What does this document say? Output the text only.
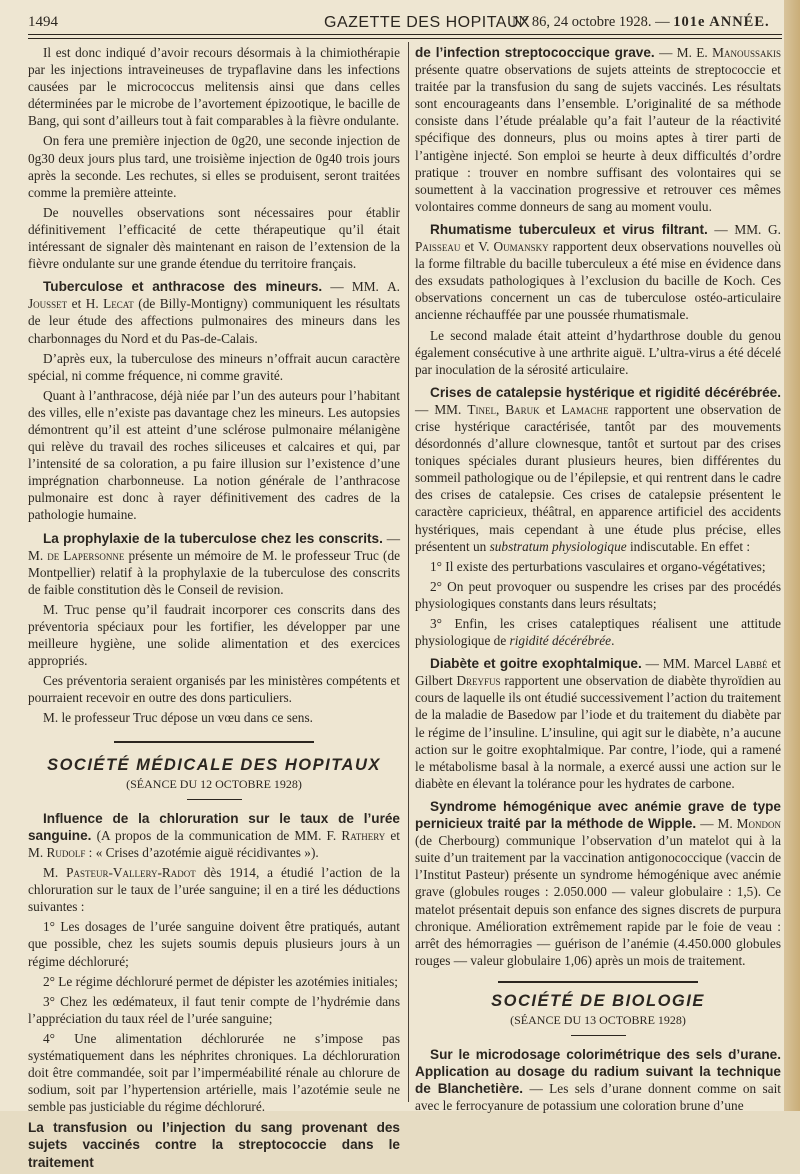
1494	GAZETTE DES HOPITAUX
N° 86, 24 octobre 1928. — 101e ANNÉE.

Il est donc indiqué d’avoir recours désormais à la chimiothérapie par les injections intraveineuses de trypaflavine dans les infections causées par le micrococcus melitensis ainsi que dans celles déterminées par le microbe de l’avortement épizootique, le bacille de Bang, qui sont d’ailleurs tout à fait comparables à la fièvre ondulante.

On fera une première injection de 0g20, une seconde injection de 0g30 deux jours plus tard, une troisième injection de 0g40 trois jours après la seconde. Les rechutes, si elles se produisent, seront traitées comme la première atteinte.

De nouvelles observations sont nécessaires pour établir définitivement l’efficacité de cette thérapeutique qu’il était intéressant de signaler dès maintenant en raison de l’extension de la fièvre ondulante sur une grande étendue du territoire français.

Tuberculose et anthracose des mineurs. — MM. A. Jousset et H. Lecat (de Billy-Montigny) communiquent les résultats de leur étude des affections pulmonaires des mineurs dans les charbonnages du Nord et du Pas-de-Calais.

D’après eux, la tuberculose des mineurs n’offrait aucun caractère spécial, ni comme fréquence, ni comme gravité.

Quant à l’anthracose, déjà niée par l’un des auteurs pour l’habitant des villes, elle n’existe pas davantage chez les mineurs. Les autopsies démontrent qu’il est atteint d’une sclérose pulmonaire mélanigène qui relève du travail des roches siliceuses et calcaires et qui, par l’intensité de sa coloration, a pu faire illusion sur l’existence d’une imprégnation charbonneuse. La notion générale de l’anthracose pulmonaire est donc à rayer définitivement des cadres de la pathologie humaine.

La prophylaxie de la tuberculose chez les conscrits. — M. de Lapersonne présente un mémoire de M. le professeur Truc (de Montpellier) relatif à la prophylaxie de la tuberculose des conscrits de faible constitution dès le Conseil de revision.

M. Truc pense qu’il faudrait incorporer ces conscrits dans des préventoria spéciaux pour les fortifier, les développer par une meilleure hygiène, une solide alimentation et des exercices appropriés.

Ces préventoria seraient organisés par les ministères compétents et pourraient recevoir en outre des dons particuliers.

M. le professeur Truc dépose un vœu dans ce sens.

SOCIÉTÉ MÉDICALE DES HOPITAUX

(SÉANCE DU 12 OCTOBRE 1928)

Influence de la chloruration sur le taux de l’urée sanguine. (A propos de la communication de MM. F. Rathery et M. Rudolf : « Crises d’azotémie aiguë récidivantes »).

M. Pasteur-Vallery-Radot dès 1914, a étudié l’action de la chloruration sur le taux de l’urée sanguine; il en a tiré les déductions suivantes :

1° Les dosages de l’urée sanguine doivent être pratiqués, autant que possible, chez les sujets soumis depuis plusieurs jours à un régime déchloruré;

2° Le régime déchloruré permet de dépister les azotémies initiales;

3° Chez les œdémateux, il faut tenir compte de l’hydrémie dans l’appréciation du taux réel de l’urée sanguine;

4° Une alimentation déchlorurée ne s’impose pas systématiquement dans les néphrites chroniques. La déchloruration doit être commandée, soit par l’imperméabilité rénale au chlorure de sodium, soit par l’hypertension artérielle, mais l’azotémie seule ne semble pas justiciable du régime déchloruré.

La transfusion ou l’injection du sang provenant des sujets vaccinés contre la streptococcie dans le traitement

de l’infection streptococcique grave. — M. E. Manoussakis présente quatre observations de sujets atteints de streptococcie et traitée par la transfusion du sang de sujets vaccinés. Les résultats sont encourageants dans l’ensemble. L’originalité de sa méthode consiste dans l’étude préalable qu’a fait l’auteur de la réactivité spécifique des donneurs, plus ou moins aptes à tirer parti de l’antigène injecté. Son emploi se heurte à deux difficultés d’ordre pratique : trouver en nombre suffisant des volontaires qui se soumettent à la vaccination progressive et retrouver ces mêmes volontaires comme donneurs de sang au moment voulu.

Rhumatisme tuberculeux et virus filtrant. — MM. G. Paisseau et V. Oumansky rapportent deux observations nouvelles où la forme filtrable du bacille tuberculeux a été mise en évidence dans des exsudats pathologiques à l’exclusion du bacille de Koch. Ces observations concernent un cas de tuberculose ostéo-articulaire ancienne réchauffée par une poussée rhumatismale.

Le second malade était atteint d’hydarthrose double du genou également consécutive à une arthrite aiguë. L’ultra-virus a été décelé par inoculation de la sérosité articulaire.

Crises de catalepsie hystérique et rigidité décérébrée. — MM. Tinel, Baruk et Lamache rapportent une observation de crise hystérique caractérisée, tantôt par des mouvements désordonnés d’allure clownesque, tantôt et surtout par des crises toniques spéciales durant plusieurs heures, bien différentes du sommeil pathologique ou de l’épilepsie, et qui rentrent dans le cadre des crises de catalepsie. Ces crises de catalepsie présentent le caractère capricieux, théâtral, en apparence artificiel des accidents hystériques, mais cependant à une étude plus précise, elles présentent un substratum physiologique indiscutable. En effet :

1° Il existe des perturbations vasculaires et organo-végétatives;

2° On peut provoquer ou suspendre les crises par des procédés physiologiques constants dans leurs résultats;

3° Enfin, les crises cataleptiques réalisent une attitude physiologique de rigidité décérébrée.

Diabète et goitre exophtalmique. — MM. Marcel Labbé et Gilbert Dreyfus rapportent une observation de diabète thyroïdien au cours de laquelle ils ont étudié successivement l’action du traitement de la maladie de Basedow par l’iode et du traitement du diabète par le régime de l’insuline. L’insuline, qui agit sur le diabète, n’a aucune action sur le goitre exophtalmique. Par contre, l’iode, qui a ramené le métabolisme basal à la normale, a exercé aussi une action sur le diabète en élevant la tolérance pour les hydrates de carbone.

Syndrome hémogénique avec anémie grave de type pernicieux traité par la méthode de Wipple. — M. Mondon (de Cherbourg) communique l’observation d’un matelot qui à la suite d’un traitement par la vaccination antigonococcique (vaccin de l’Institut Pasteur) présente un syndrome hémogénique avec anémie grave (globules rouges : 2.050.000 — valeur globulaire : 1,5). Ce matelot présentait depuis son enfance des signes discrets de purpura chronique. Amélioration extrêmement rapide par le foie de veau : arrêt des hémorragies — guérison de l’anémie (4.450.000 globules rouges — valeur globulaire 1,06) après un mois de traitement.

SOCIÉTÉ DE BIOLOGIE

(SÉANCE DU 13 OCTOBRE 1928)

Sur le microdosage colorimétrique des sels d’urane. Application au dosage du radium suivant la technique de Blanchetière. — Les sels d’urane donnent comme on sait avec le ferrocyanure de potassium une coloration brune d’une
